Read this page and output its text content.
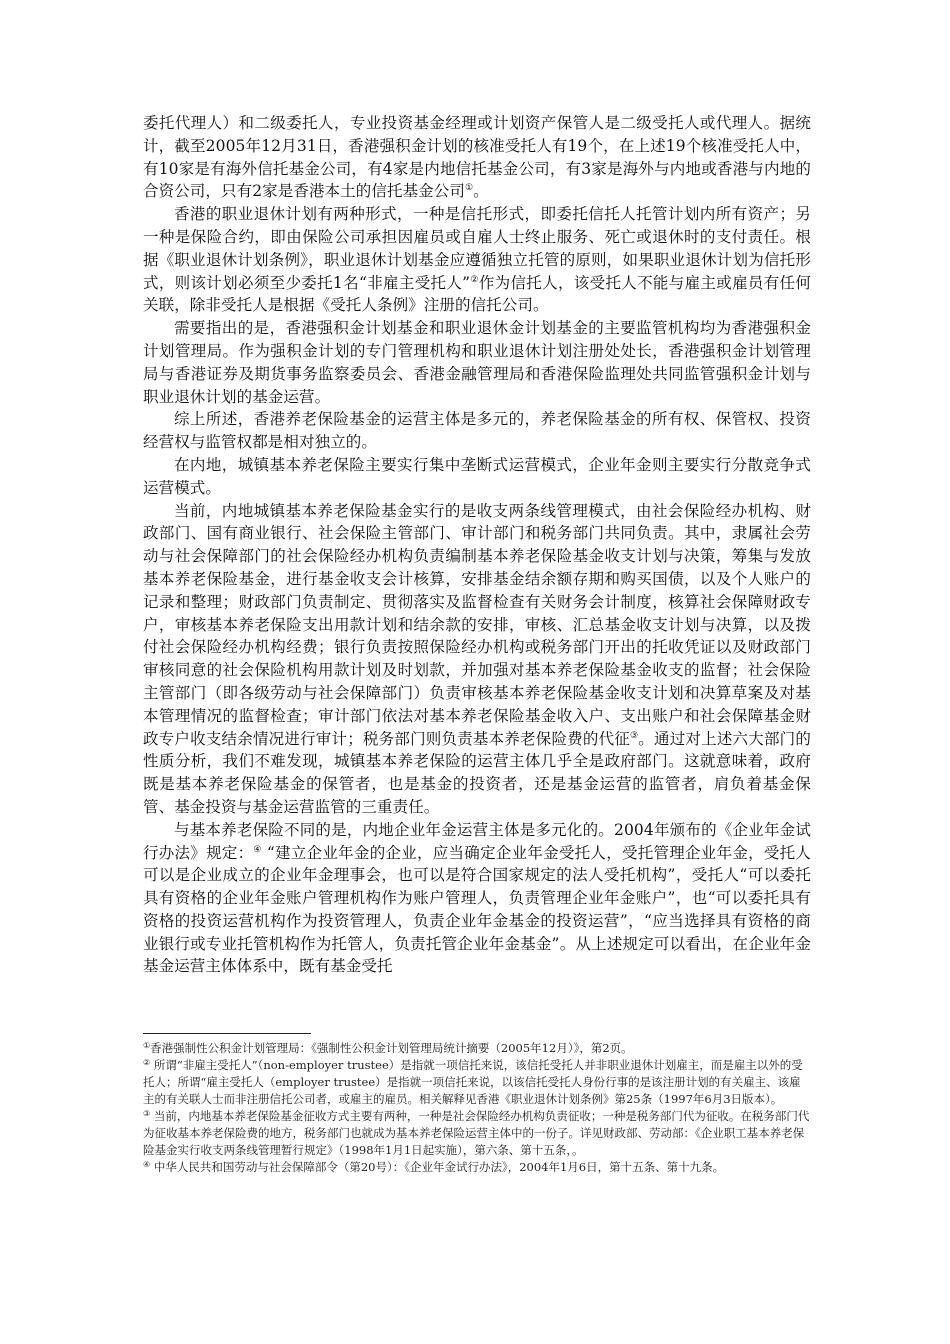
委托代理人）和二级委托人，专业投资基金经理或计划资产保管人是二级受托人或代理人。据统计，截至2005年12月31日，香港强积金计划的核准受托人有19个，在上述19个核准受托人中，有10家是有海外信托基金公司，有4家是内地信托基金公司，有3家是海外与内地或香港与内地的合资公司，只有2家是香港本土的信托基金公司①。

香港的职业退休计划有两种形式，一种是信托形式，即委托信托人托管计划内所有资产；另一种是保险合约，即由保险公司承担因雇员或自雇人士终止服务、死亡或退休时的支付责任。根据《职业退休计划条例》，职业退休计划基金应遵循独立托管的原则，如果职业退休计划为信托形式，则该计划必须至少委托1名“非雇主受托人”②作为信托人，该受托人不能与雇主或雇员有任何关联，除非受托人是根据《受托人条例》注册的信托公司。

需要指出的是，香港强积金计划基金和职业退休金计划基金的主要监管机构均为香港强积金计划管理局。作为强积金计划的专门管理机构和职业退休计划注册处处长，香港强积金计划管理局与香港证券及期货事务监察委员会、香港金融管理局和香港保险监理处共同监管强积金计划与职业退休计划的基金运营。

综上所述，香港养老保险基金的运营主体是多元的，养老保险基金的所有权、保管权、投资经营权与监管权都是相对独立的。

在内地，城镇基本养老保险主要实行集中垄断式运营模式，企业年金则主要实行分散竞争式运营模式。

当前，内地城镇基本养老保险基金实行的是收支两条线管理模式，由社会保险经办机构、财政部门、国有商业银行、社会保险主管部门、审计部门和税务部门共同负责。其中，隶属社会劳动与社会保障部门的社会保险经办机构负责编制基本养老保险基金收支计划与决策，筹集与发放基本养老保险基金，进行基金收支会计核算，安排基金结余额存期和购买国债，以及个人账户的记录和整理；财政部门负责制定、贯彻落实及监督检查有关财务会计制度，核算社会保障财政专户，审核基本养老保险支出用款计划和结余款的安排，审核、汇总基金收支计划与决算，以及拨付社会保险经办机构经费；银行负责按照保险经办机构或税务部门开出的托收凭证以及财政部门审核同意的社会保险机构用款计划及时划款，并加强对基本养老保险基金收支的监督；社会保险主管部门（即各级劳动与社会保障部门）负责审核基本养老保险基金收支计划和决算草案及对基本管理情况的监督检查；审计部门依法对基本养老保险基金收入户、支出账户和社会保障基金财政专户收支结余情况进行审计；税务部门则负责基本养老保险费的代征③。通过对上述六大部门的性质分析，我们不难发现，城镇基本养老保险的运营主体几乎全是政府部门。这就意味着，政府既是基本养老保险基金的保管者，也是基金的投资者，还是基金运营的监管者，肩负着基金保管、基金投资与基金运营监管的三重责任。

与基本养老保险不同的是，内地企业年金运营主体是多元化的。2004年颁布的《企业年金试行办法》规定：④ “建立企业年金的企业，应当确定企业年金受托人，受托管理企业年金，受托人可以是企业成立的企业年金理事会，也可以是符合国家规定的法人受托机构”，受托人“可以委托具有资格的企业年金账户管理机构作为账户管理人，负责管理企业年金账户”，也“可以委托具有资格的投资运营机构作为投资管理人，负责企业年金基金的投资运营”，“应当选择具有资格的商业银行或专业托管机构作为托管人，负责托管企业年金基金”。从上述规定可以看出，在企业年金基金运营主体体系中，既有基金受托

①香港强制性公积金计划管理局：《强制性公积金计划管理局统计摘要（2005年12月）》，第2页。

② 所谓“非雇主受托人”（non-employer trustee）是指就一项信托来说，该信托受托人并非职业退休计划雇主，而是雇主以外的受托人；所谓“雇主受托人（employer trustee）是指就一项信托来说，以该信托受托人身份行事的是该注册计划的有关雇主、该雇主的有关联人士而非注册信托公司者，或雇主的雇员。相关解释见香港《职业退休计划条例》第25条（1997年6月3日版本）。

③ 当前，内地基本养老保险基金征收方式主要有两种，一种是社会保险经办机构负责征收；一种是税务部门代为征收。在税务部门代为征收基本养老保险费的地方，税务部门也就成为基本养老保险运营主体中的一份子。详见财政部、劳动部：《企业职工基本养老保险基金实行收支两条线管理暂行规定》（1998年1月1日起实施），第六条、第十五条，。

④ 中华人民共和国劳动与社会保障部令（第20号）：《企业年金试行办法》，2004年1月6日，第十五条、第十九条。
